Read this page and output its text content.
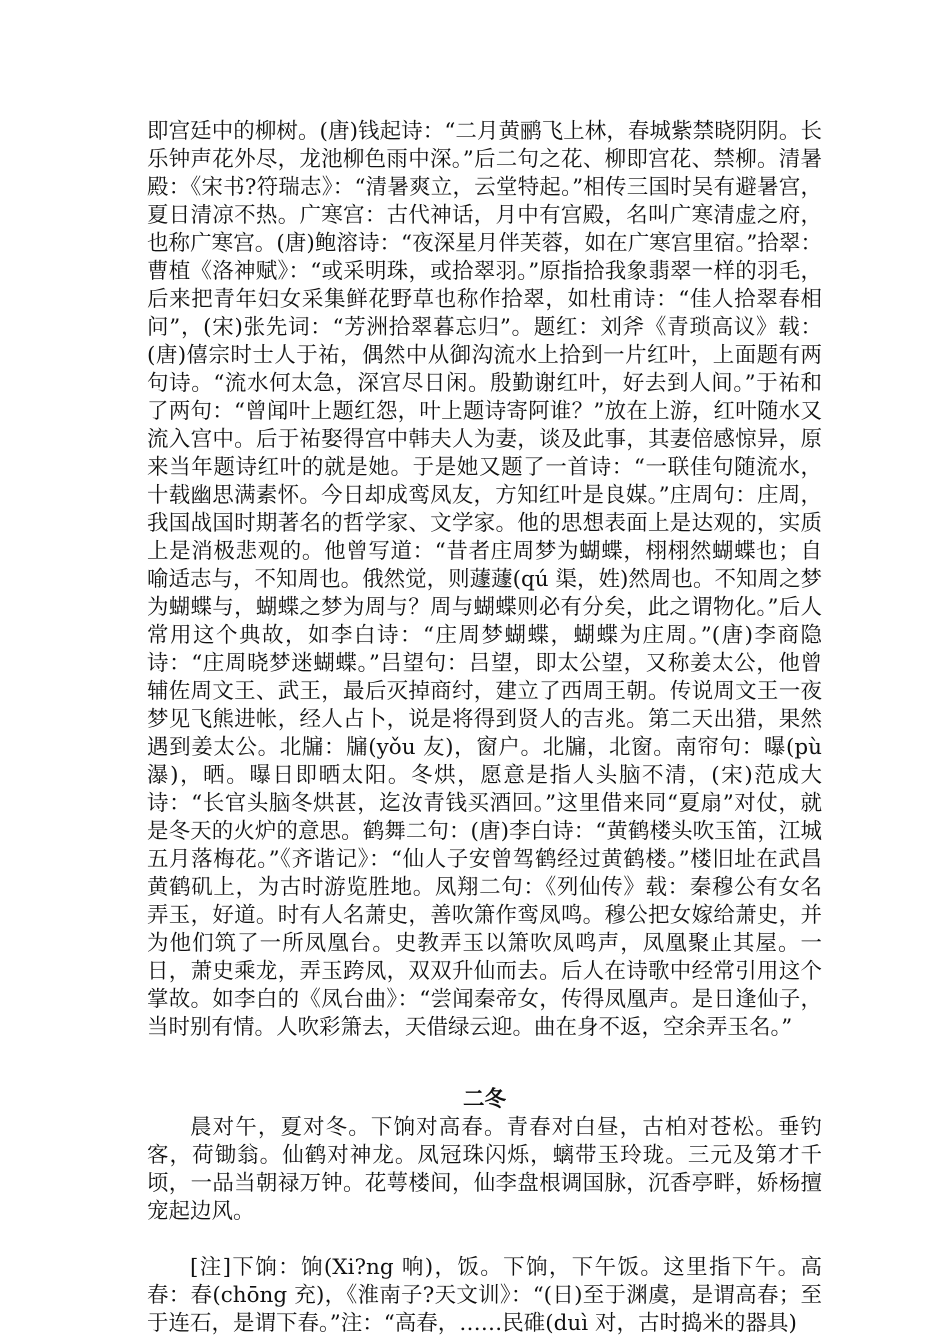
即宫廷中的柳树。(唐)钱起诗：“二月黄鹂飞上林，春城紫禁晓阴阴。长乐钟声花外尽，龙池柳色雨中深。”后二句之花、柳即宫花、禁柳。清暑殿：《宋书?符瑞志》：“清暑爽立，云堂特起。”相传三国时吴有避暑宫，夏日清凉不热。广寒宫：古代神话，月中有宫殿，名叫广寒清虚之府，也称广寒宫。(唐)鲍溶诗：“夜深星月伴芙蓉，如在广寒宫里宿。”拾翠：曹植《洛神赋》：“或采明珠，或拾翠羽。”原指拾我象翡翠一样的羽毛，后来把青年妇女采集鲜花野草也称作拾翠，如杜甫诗：“佳人拾翠春相问”，(宋)张先词：“芳洲拾翠暮忘归”。题红：刘斧《青琐高议》载：(唐)僖宗时士人于祐，偶然中从御沟流水上拾到一片红叶，上面题有两句诗。“流水何太急，深宫尽日闲。殷勤谢红叶，好去到人间。”于祐和了两句：“曾闻叶上题红怨，叶上题诗寄阿谁？”放在上游，红叶随水又流入宫中。后于祐娶得宫中韩夫人为妻，谈及此事，其妻倍感惊异，原来当年题诗红叶的就是她。于是她又题了一首诗：“一联佳句随流水，十载幽思满素怀。今日却成鸾凤友，方知红叶是良媒。”庄周句：庄周，我国战国时期著名的哲学家、文学家。他的思想表面上是达观的，实质上是消极悲观的。他曾写道：“昔者庄周梦为蝴蝶，栩栩然蝴蝶也；自喻适志与，不知周也。俄然觉，则蘧蘧(qú 渠，姓)然周也。不知周之梦为蝴蝶与，蝴蝶之梦为周与？周与蝴蝶则必有分矣，此之谓物化。”后人常用这个典故，如李白诗：“庄周梦蝴蝶，蝴蝶为庄周。”(唐)李商隐诗：“庄周晓梦迷蝴蝶。”吕望句：吕望，即太公望，又称姜太公，他曾辅佐周文王、武王，最后灭掉商纣，建立了西周王朝。传说周文王一夜梦见飞熊进帐，经人占卜，说是将得到贤人的吉兆。第二天出猎，果然遇到姜太公。北牖：牖(yǒu 友)，窗户。北牖，北窗。南帘句：曝(pù 瀑)，晒。曝日即晒太阳。冬烘，愿意是指人头脑不清，(宋)范成大诗：“长官头脑冬烘甚，迄汝青钱买酒回。”这里借来同“夏扇”对仗，就是冬天的火炉的意思。鹤舞二句：(唐)李白诗：“黄鹤楼头吹玉笛，江城五月落梅花。”《齐谐记》：“仙人子安曾驾鹤经过黄鹤楼。”楼旧址在武昌黄鹤矶上，为古时游览胜地。凤翔二句：《列仙传》载：秦穆公有女名弄玉，好道。时有人名萧史，善吹箫作鸾凤鸣。穆公把女嫁给萧史，并为他们筑了一所凤凰台。史教弄玉以箫吹凤鸣声，凤凰聚止其屋。一日，萧史乘龙，弄玉跨凤，双双升仙而去。后人在诗歌中经常引用这个掌故。如李白的《凤台曲》：“尝闻秦帝女，传得凤凰声。是日逢仙子，当时别有情。人吹彩箫去，天借绿云迎。曲在身不返，空余弄玉名。”

二冬

晨对午，夏对冬。下饷对高春。青春对白昼，古柏对苍松。垂钓客，荷锄翁。仙鹤对神龙。凤冠珠闪烁，螭带玉玲珑。三元及第才千顷，一品当朝禄万钟。花萼楼间，仙李盘根调国脉，沉香亭畔，娇杨擅宠起边风。

[注]下饷：饷(Xi?ng 响)，饭。下饷，下午饭。这里指下午。高春：春(chōng 充)，《淮南子?天文训》：“(日)至于渊虞，是谓高春；至于连石，是谓下春。”注：“高春，……民碓(duì 对，古时捣米的器具)
